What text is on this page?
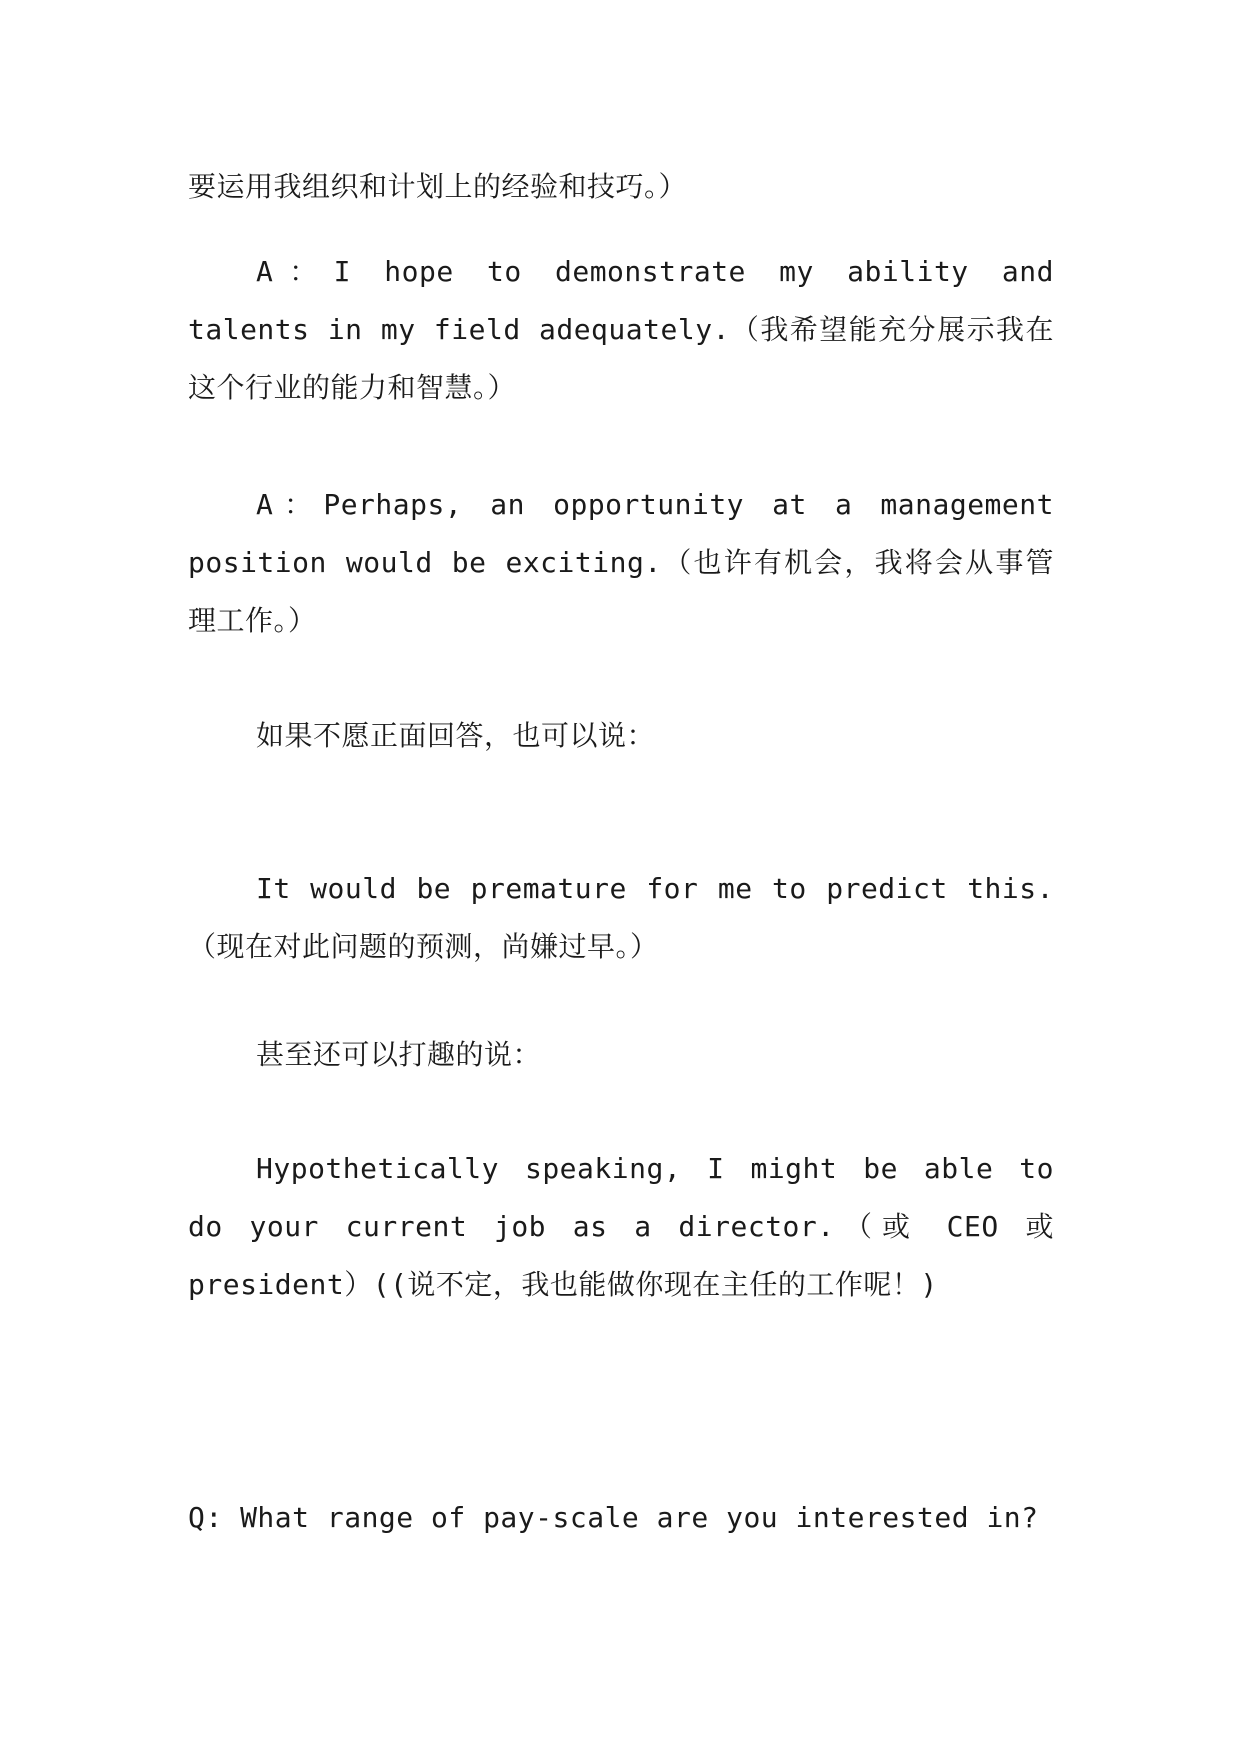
要运用我组织和计划上的经验和技巧。）

A：I hope to demonstrate my ability and talents in my field adequately.（我希望能充分展示我在这个行业的能力和智慧。）

A：Perhaps, an opportunity at a management position would be exciting.（也许有机会，我将会从事管理工作。）

如果不愿正面回答，也可以说：

It would be premature for me to predict this.（现在对此问题的预测，尚嫌过早。）

甚至还可以打趣的说：

Hypothetically speaking, I might be able to do your current job as a director.（或 CEO 或 president）((说不定，我也能做你现在主任的工作呢！)

Q: What range of pay-scale are you interested in?
